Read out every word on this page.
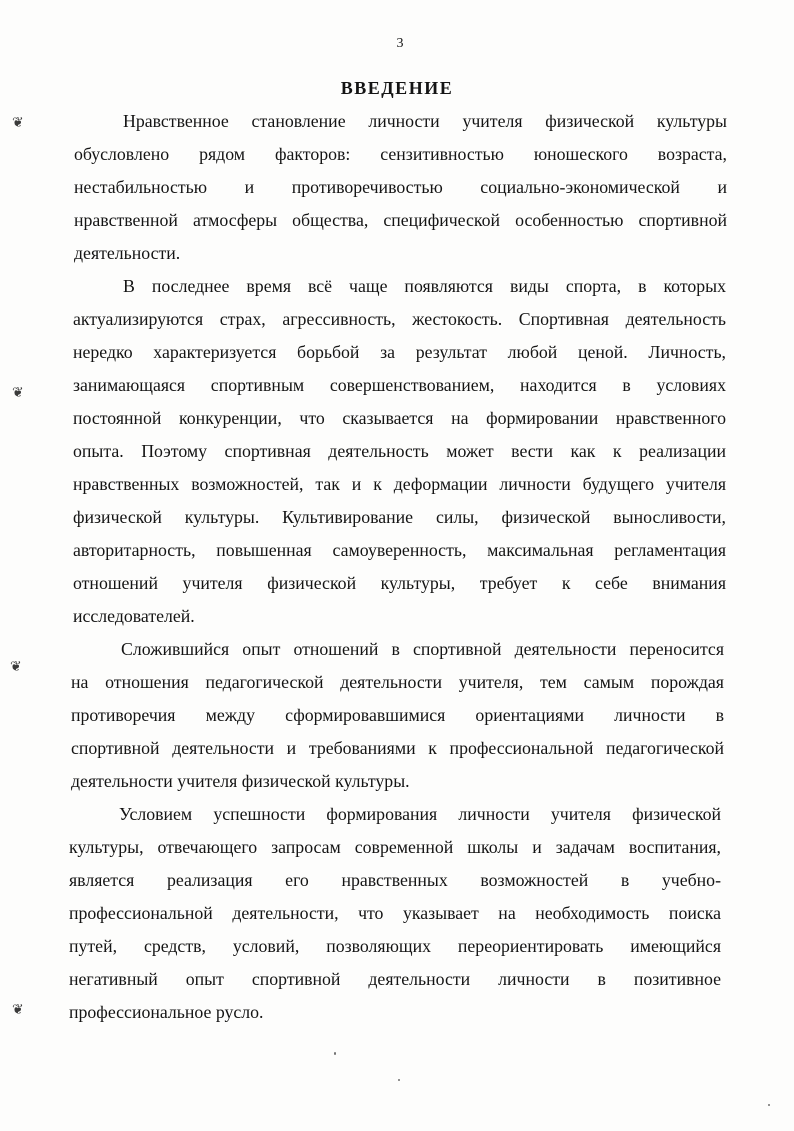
3
ВВЕДЕНИЕ
Нравственное становление личности учителя физической культуры
обусловлено рядом факторов: сензитивностью юношеского возраста,
нестабильностью и противоречивостью социально-экономической и
нравственной атмосферы общества, специфической особенностью спортивной
деятельности.
В последнее время всё чаще появляются виды спорта, в которых
актуализируются страх, агрессивность, жестокость. Спортивная деятельность
нередко характеризуется борьбой за результат любой ценой. Личность,
занимающаяся спортивным совершенствованием, находится в условиях
постоянной конкуренции, что сказывается на формировании нравственного
опыта. Поэтому спортивная деятельность может вести как к реализации
нравственных возможностей, так и к деформации личности будущего учителя
физической культуры. Культивирование силы, физической выносливости,
авторитарность, повышенная самоуверенность, максимальная регламентация
отношений учителя физической культуры, требует к себе внимания
исследователей.
Сложившийся опыт отношений в спортивной деятельности переносится
на отношения педагогической деятельности учителя, тем самым порождая
противоречия между сформировавшимися ориентациями личности в
спортивной деятельности и требованиями к профессиональной педагогической
деятельности учителя физической культуры.
Условием успешности формирования личности учителя физической
культуры, отвечающего запросам современной школы и задачам воспитания,
является реализация его нравственных возможностей в учебно-
профессиональной деятельности, что указывает на необходимость поиска
путей, средств, условий, позволяющих переориентировать имеющийся
негативный опыт спортивной деятельности личности в позитивное
профессиональное русло.
❦
❦
❦
❦
